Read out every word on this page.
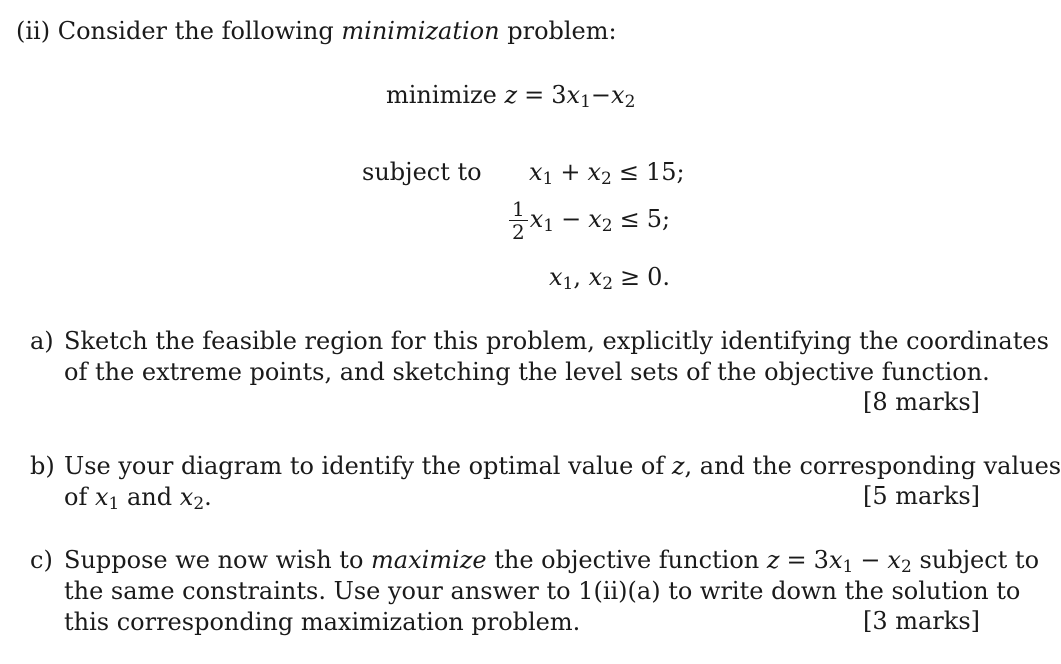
(ii) Consider the following minimization problem:
minimize $z = 3x_1-x_2$
subject to $x_1 + x_2 \le 15$;
$\frac{1}{2} x_1 - x_2 \le 5$;
$x_1$, $x_2 \ge 0$.
a) Sketch the feasible region for this problem, explicitly identifying the coordinates
of the extreme points, and sketching the level sets of the objective function.
[8 marks]
b) Use your diagram to identify the optimal value of z, and the corresponding values
of $x_1$ and $x_2$.	[5 marks]
c) Suppose we now wish to maximize the objective function $z = 3x_1 - x_2$ subject to
the same constraints. Use your answer to 1(ii)(a) to write down the solution to
this corresponding maximization problem.	[3 marks]
